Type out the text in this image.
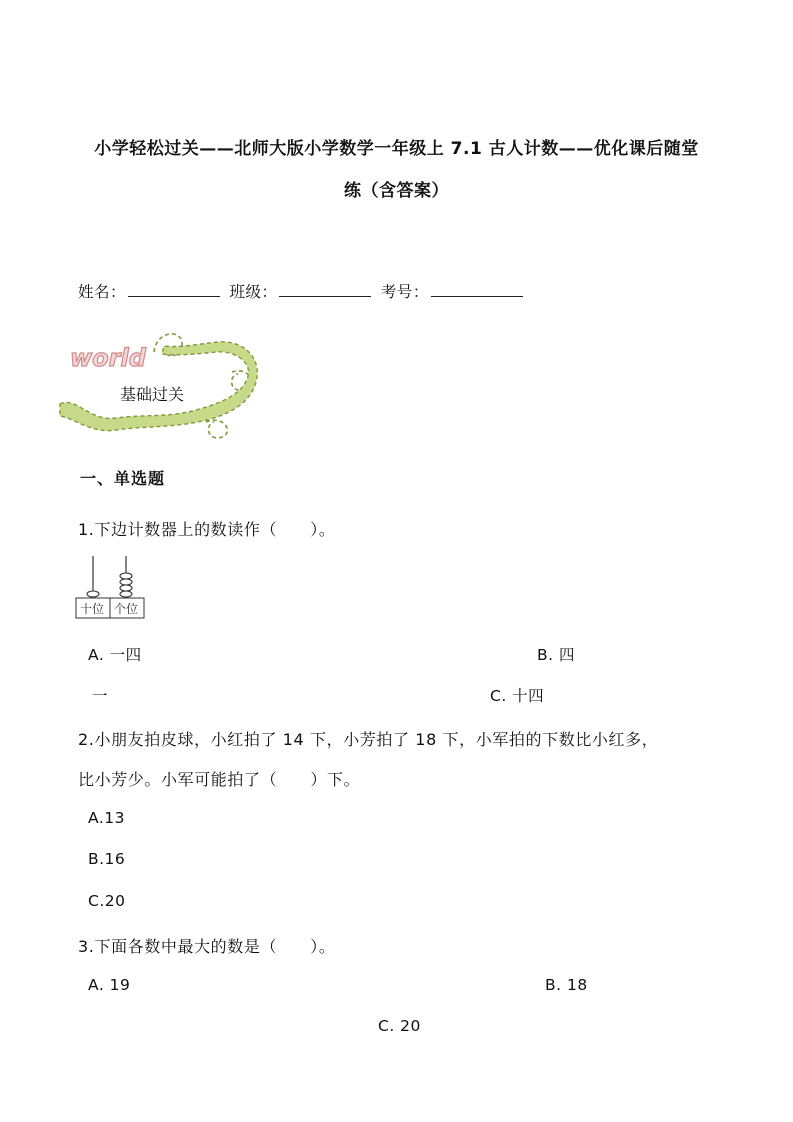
小学轻松过关——北师大版小学数学一年级上 7.1 古人计数——优化课后随堂
练（含答案）
姓名：	班级：	考号：
world
基础过关
一、单选题
1.下边计数器上的数读作（　　）。
十位 个位
A. 一四	B. 四
一	C. 十四
2.小朋友拍皮球，小红拍了 14 下，小芳拍了 18 下，小军拍的下数比小红多，
比小芳少。小军可能拍了（　　）下。
A.13
B.16
C.20
3.下面各数中最大的数是（　　）。
A. 19	B. 18
C. 20
